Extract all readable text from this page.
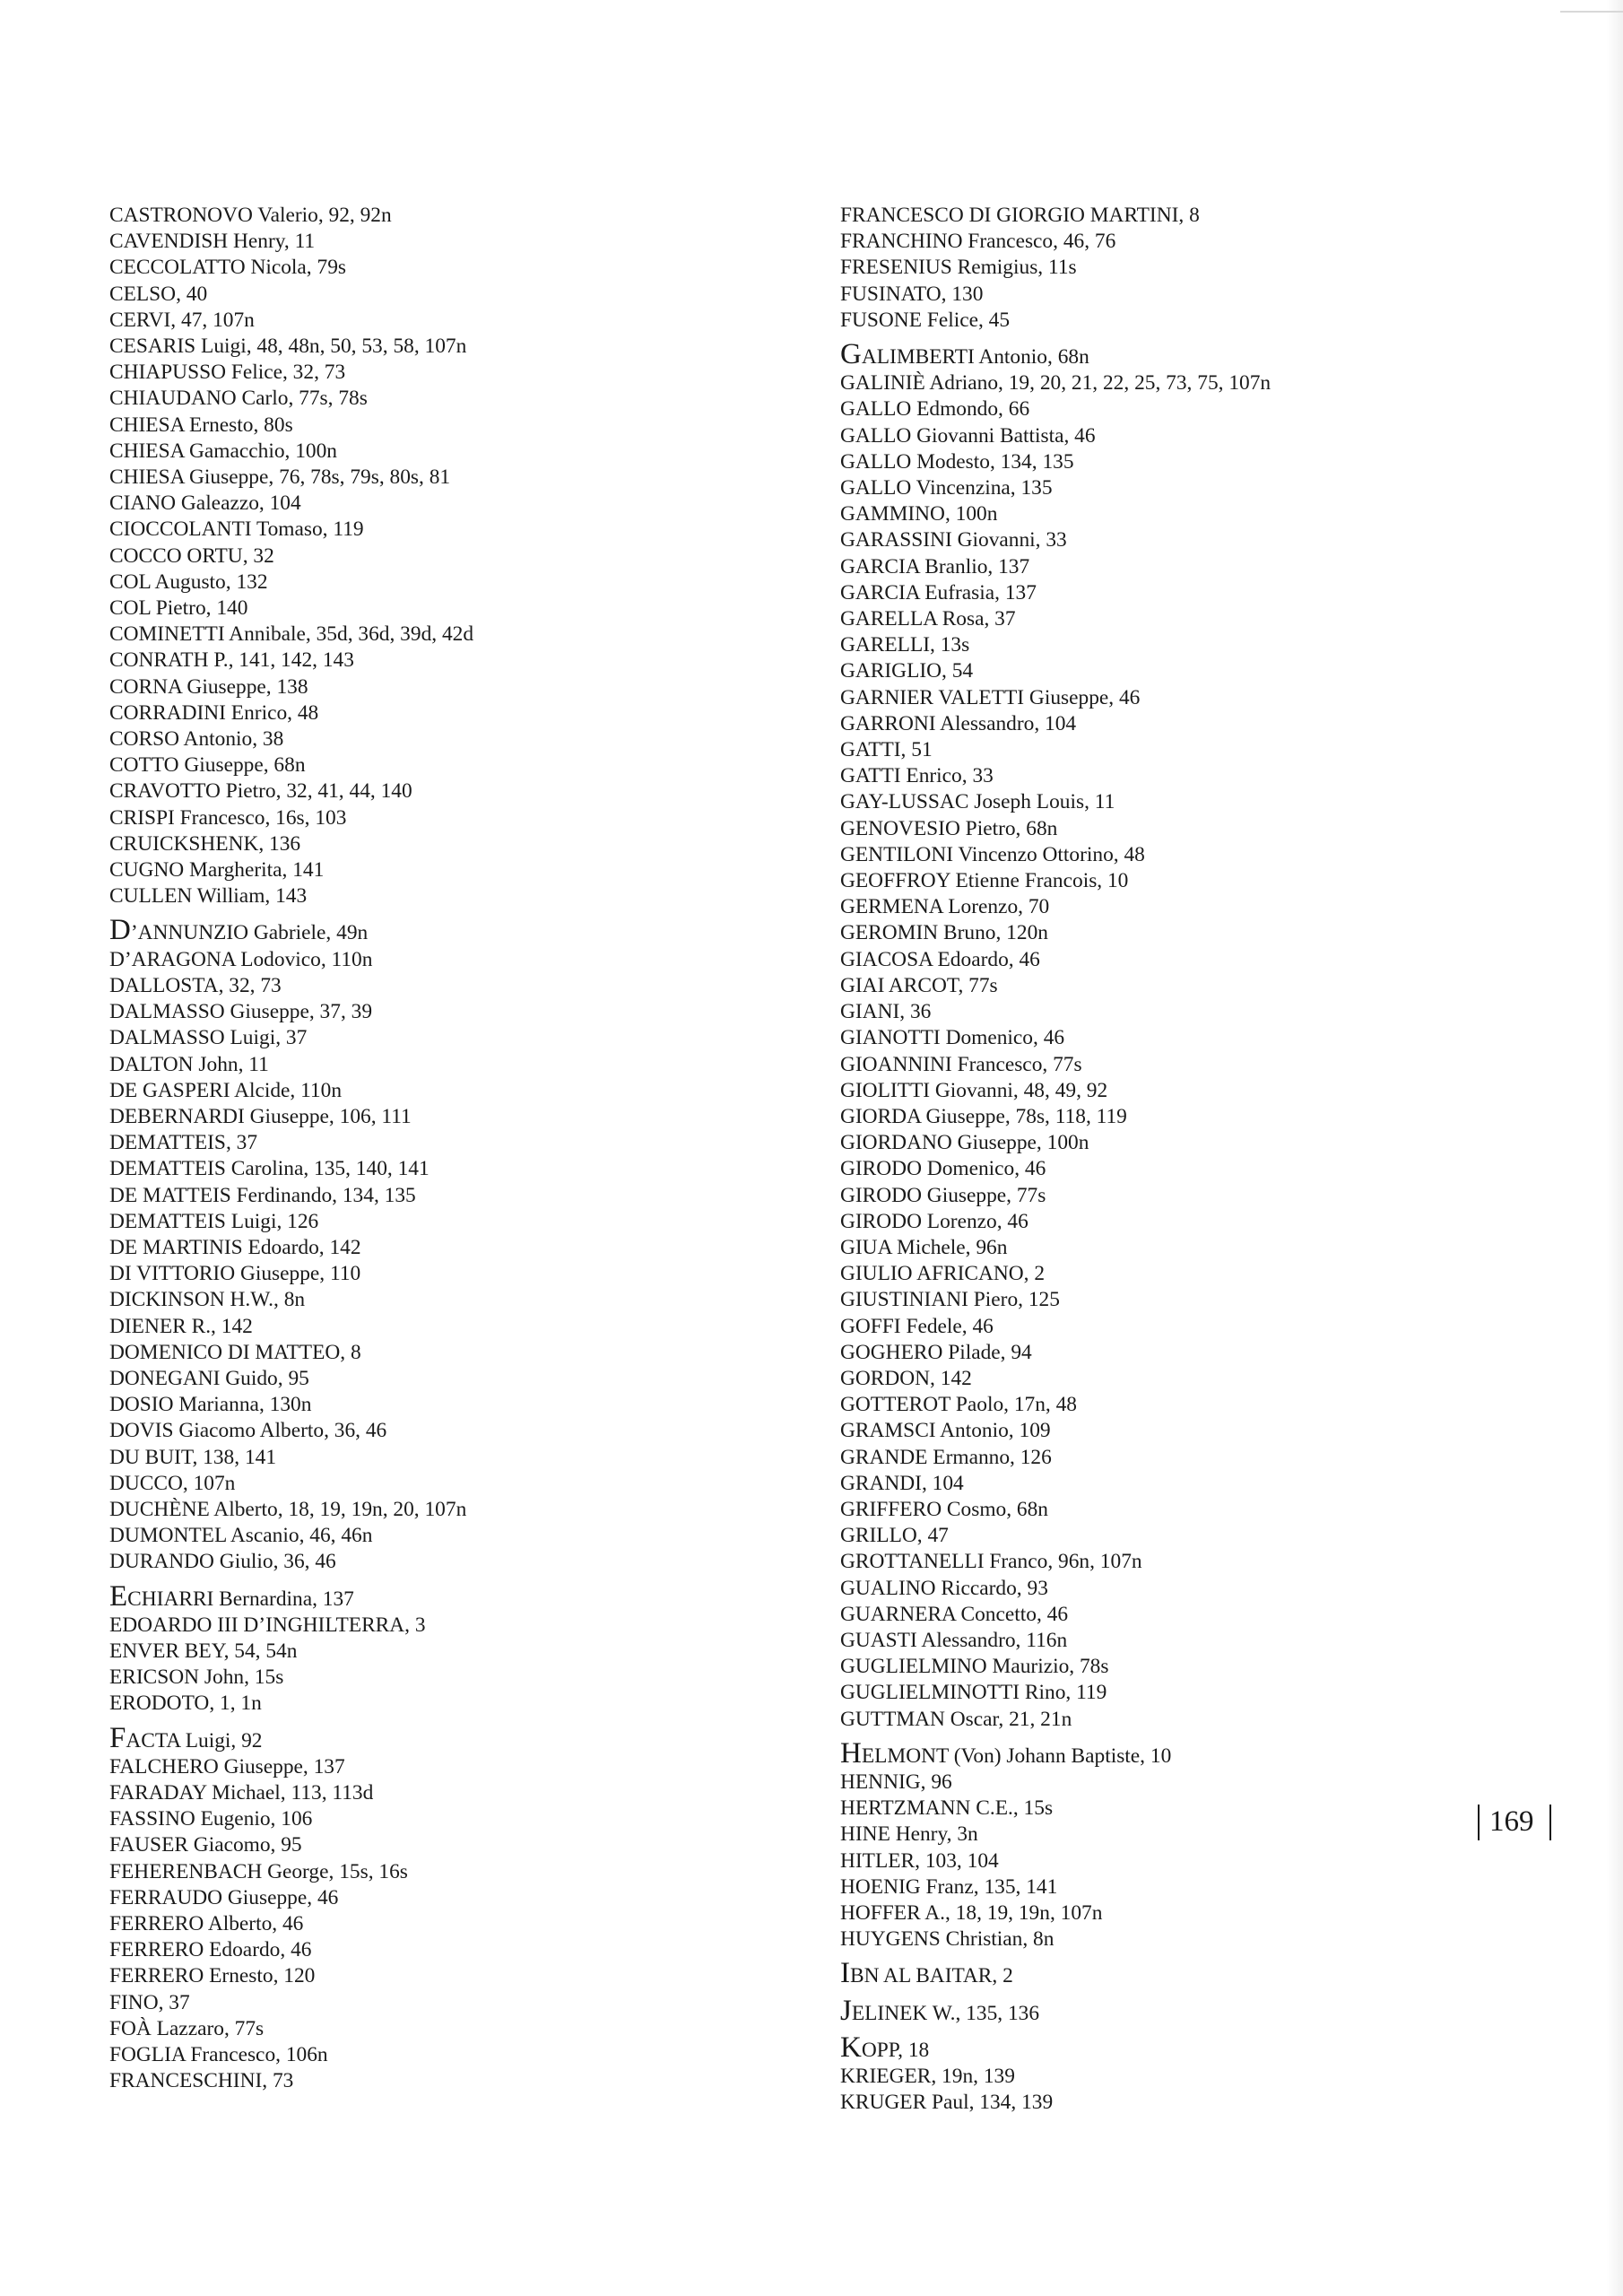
CASTRONOVO Valerio, 92, 92n
CAVENDISH Henry, 11
CECCOLATTO Nicola, 79s
CELSO, 40
CERVI, 47, 107n
CESARIS Luigi, 48, 48n, 50, 53, 58, 107n
CHIAPUSSO Felice, 32, 73
CHIAUDANO Carlo, 77s, 78s
CHIESA Ernesto, 80s
CHIESA Gamacchio, 100n
CHIESA Giuseppe, 76, 78s, 79s, 80s, 81
CIANO Galeazzo, 104
CIOCCOLANTI Tomaso, 119
COCCO ORTU, 32
COL Augusto, 132
COL Pietro, 140
COMINETTI Annibale, 35d, 36d, 39d, 42d
CONRATH P., 141, 142, 143
CORNA Giuseppe, 138
CORRADINI Enrico, 48
CORSO Antonio, 38
COTTO Giuseppe, 68n
CRAVOTTO Pietro, 32, 41, 44, 140
CRISPI Francesco, 16s, 103
CRUICKSHENK, 136
CUGNO Margherita, 141
CULLEN William, 143
D’ANNUNZIO Gabriele, 49n
D’ARAGONA Lodovico, 110n
DALLOSTA, 32, 73
DALMASSO Giuseppe, 37, 39
DALMASSO Luigi, 37
DALTON John, 11
DE GASPERI Alcide, 110n
DEBERNARDI Giuseppe, 106, 111
DEMATTEIS, 37
DEMATTEIS Carolina, 135, 140, 141
DE MATTEIS Ferdinando, 134, 135
DEMATTEIS Luigi, 126
DE MARTINIS Edoardo, 142
DI VITTORIO Giuseppe, 110
DICKINSON H.W., 8n
DIENER R., 142
DOMENICO DI MATTEO, 8
DONEGANI Guido, 95
DOSIO Marianna, 130n
DOVIS Giacomo Alberto, 36, 46
DU BUIT, 138, 141
DUCCO, 107n
DUCHÈNE Alberto, 18, 19, 19n, 20, 107n
DUMONTEL Ascanio, 46, 46n
DURANDO Giulio, 36, 46
ECHIARRI Bernardina, 137
EDOARDO III D’INGHILTERRA, 3
ENVER BEY, 54, 54n
ERICSON John, 15s
ERODOTO, 1, 1n
FACTA Luigi, 92
FALCHERO Giuseppe, 137
FARADAY Michael, 113, 113d
FASSINO Eugenio, 106
FAUSER Giacomo, 95
FEHERENBACH George, 15s, 16s
FERRAUDO Giuseppe, 46
FERRERO Alberto, 46
FERRERO Edoardo, 46
FERRERO Ernesto, 120
FINO, 37
FOÀ Lazzaro, 77s
FOGLIA Francesco, 106n
FRANCESCHINI, 73
FRANCESCO DI GIORGIO MARTINI, 8
FRANCHINO Francesco, 46, 76
FRESENIUS Remigius, 11s
FUSINATO, 130
FUSONE Felice, 45
GALIMBERTI Antonio, 68n
GALINIÈ Adriano, 19, 20, 21, 22, 25, 73, 75, 107n
GALLO Edmondo, 66
GALLO Giovanni Battista, 46
GALLO Modesto, 134, 135
GALLO Vincenzina, 135
GAMMINO, 100n
GARASSINI Giovanni, 33
GARCIA Branlio, 137
GARCIA Eufrasia, 137
GARELLA Rosa, 37
GARELLI, 13s
GARIGLIO, 54
GARNIER VALETTI Giuseppe, 46
GARRONI Alessandro, 104
GATTI, 51
GATTI Enrico, 33
GAY-LUSSAC Joseph Louis, 11
GENOVESIO Pietro, 68n
GENTILONI Vincenzo Ottorino, 48
GEOFFROY Etienne Francois, 10
GERMENA Lorenzo, 70
GEROMIN Bruno, 120n
GIACOSA Edoardo, 46
GIAI ARCOT, 77s
GIANI, 36
GIANOTTI Domenico, 46
GIOANNINI Francesco, 77s
GIOLITTI Giovanni, 48, 49, 92
GIORDA Giuseppe, 78s, 118, 119
GIORDANO Giuseppe, 100n
GIRODO Domenico, 46
GIRODO Giuseppe, 77s
GIRODO Lorenzo, 46
GIUA Michele, 96n
GIULIO AFRICANO, 2
GIUSTINIANI Piero, 125
GOFFI Fedele, 46
GOGHERO Pilade, 94
GORDON, 142
GOTTEROT Paolo, 17n, 48
GRAMSCI Antonio, 109
GRANDE Ermanno, 126
GRANDI, 104
GRIFFERO Cosmo, 68n
GRILLO, 47
GROTTANELLI Franco, 96n, 107n
GUALINO Riccardo, 93
GUARNERA Concetto, 46
GUASTI Alessandro, 116n
GUGLIELMINO Maurizio, 78s
GUGLIELMINOTTI Rino, 119
GUTTMAN Oscar, 21, 21n
HELMONT (Von) Johann Baptiste, 10
HENNIG, 96
HERTZMANN C.E., 15s
HINE Henry, 3n
HITLER, 103, 104
HOENIG Franz, 135, 141
HOFFER A., 18, 19, 19n, 107n
HUYGENS Christian, 8n
IBN AL BAITAR, 2
JELINEK W., 135, 136
KOPP, 18
KRIEGER, 19n, 139
KRUGER Paul, 134, 139
169
